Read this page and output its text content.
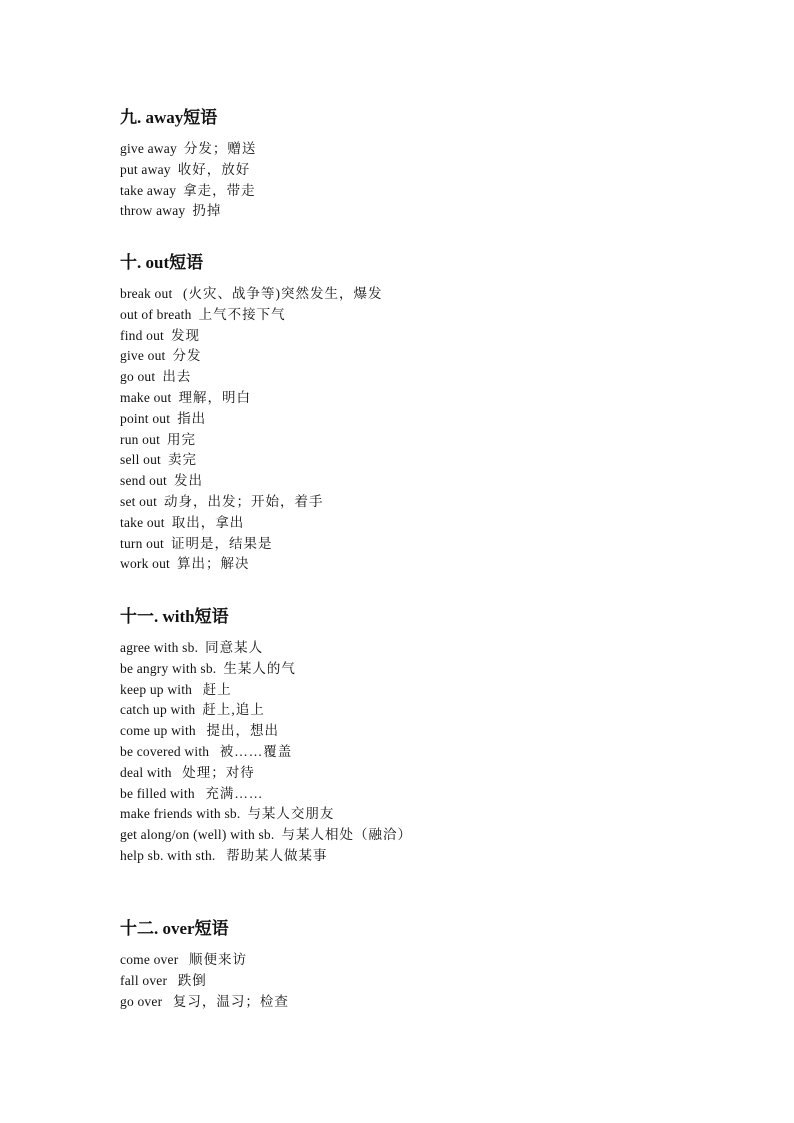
九. away短语
give away 分发；赠送
put away 收好，放好
take away 拿走，带走
throw away 扔掉
十. out短语
break out (火灾、战争等)突然发生，爆发
out of breath 上气不接下气
find out 发现
give out 分发
go out 出去
make out 理解，明白
point out 指出
run out 用完
sell out 卖完
send out 发出
set out 动身，出发；开始，着手
take out 取出，拿出
turn out 证明是，结果是
work out 算出；解决
十一. with短语
agree with sb. 同意某人
be angry with sb. 生某人的气
keep up with 赶上
catch up with 赶上,追上
come up with 提出，想出
be covered with 被……覆盖
deal with 处理；对待
be filled with 充满……
make friends with sb. 与某人交朋友
get along/on (well) with sb. 与某人相处（融洽）
help sb. with sth. 帮助某人做某事
十二. over短语
come over 顺便来访
fall over 跌倒
go over 复习，温习；检查
